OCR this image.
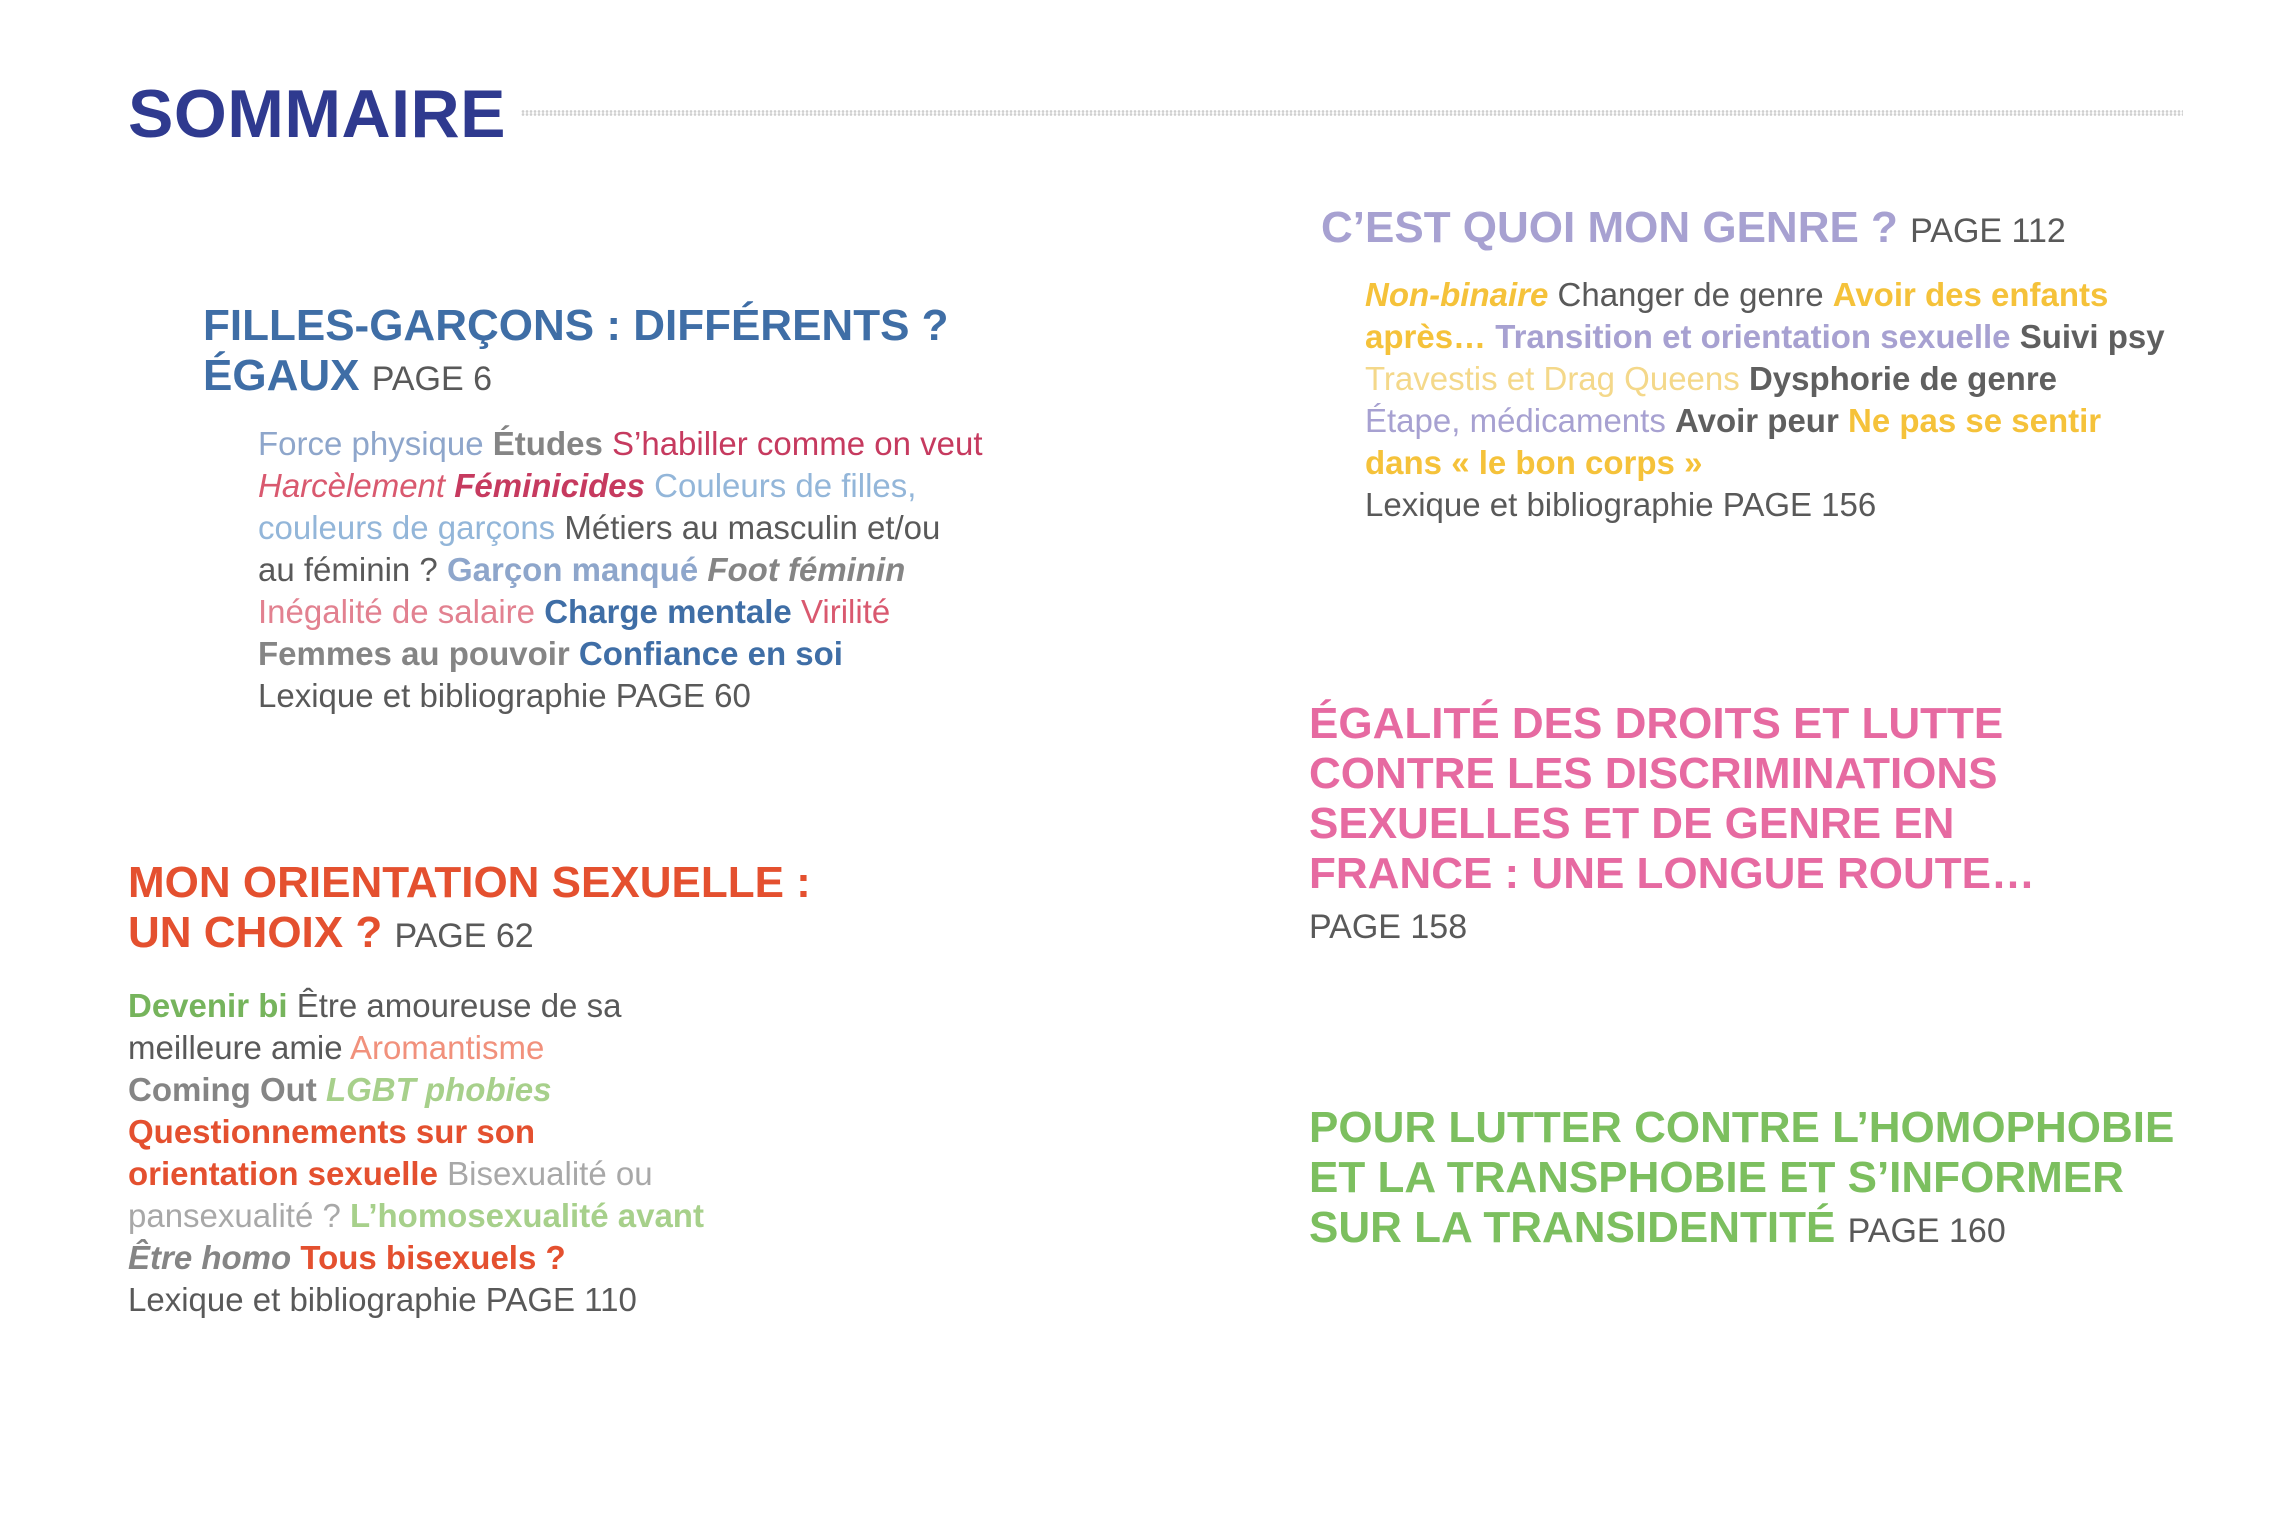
SOMMAIRE
FILLES-GARÇONS : DIFFÉRENTS ?
ÉGAUX PAGE 6
Force physique Études S’habiller comme on veut
Harcèlement Féminicides Couleurs de filles,
couleurs de garçons Métiers au masculin et/ou
au féminin ? Garçon manqué Foot féminin
Inégalité de salaire Charge mentale Virilité
Femmes au pouvoir Confiance en soi
Lexique et bibliographie PAGE 60
MON ORIENTATION SEXUELLE :
UN CHOIX ? PAGE 62
Devenir bi Être amoureuse de sa
meilleure amie Aromantisme
Coming Out LGBT phobies
Questionnements sur son
orientation sexuelle Bisexualité ou
pansexualité ? L’homosexualité avant
Être homo Tous bisexuels ?
Lexique et bibliographie PAGE 110
C’EST QUOI MON GENRE ? PAGE 112
Non-binaire Changer de genre Avoir des enfants
après… Transition et orientation sexuelle Suivi psy
Travestis et Drag Queens Dysphorie de genre
Étape, médicaments Avoir peur Ne pas se sentir
dans « le bon corps »
Lexique et bibliographie PAGE 156
ÉGALITÉ DES DROITS ET LUTTE
CONTRE LES DISCRIMINATIONS
SEXUELLES ET DE GENRE EN
FRANCE : UNE LONGUE ROUTE…
PAGE 158
POUR LUTTER CONTRE L’HOMOPHOBIE
ET LA TRANSPHOBIE ET S’INFORMER
SUR LA TRANSIDENTITÉ PAGE 160
